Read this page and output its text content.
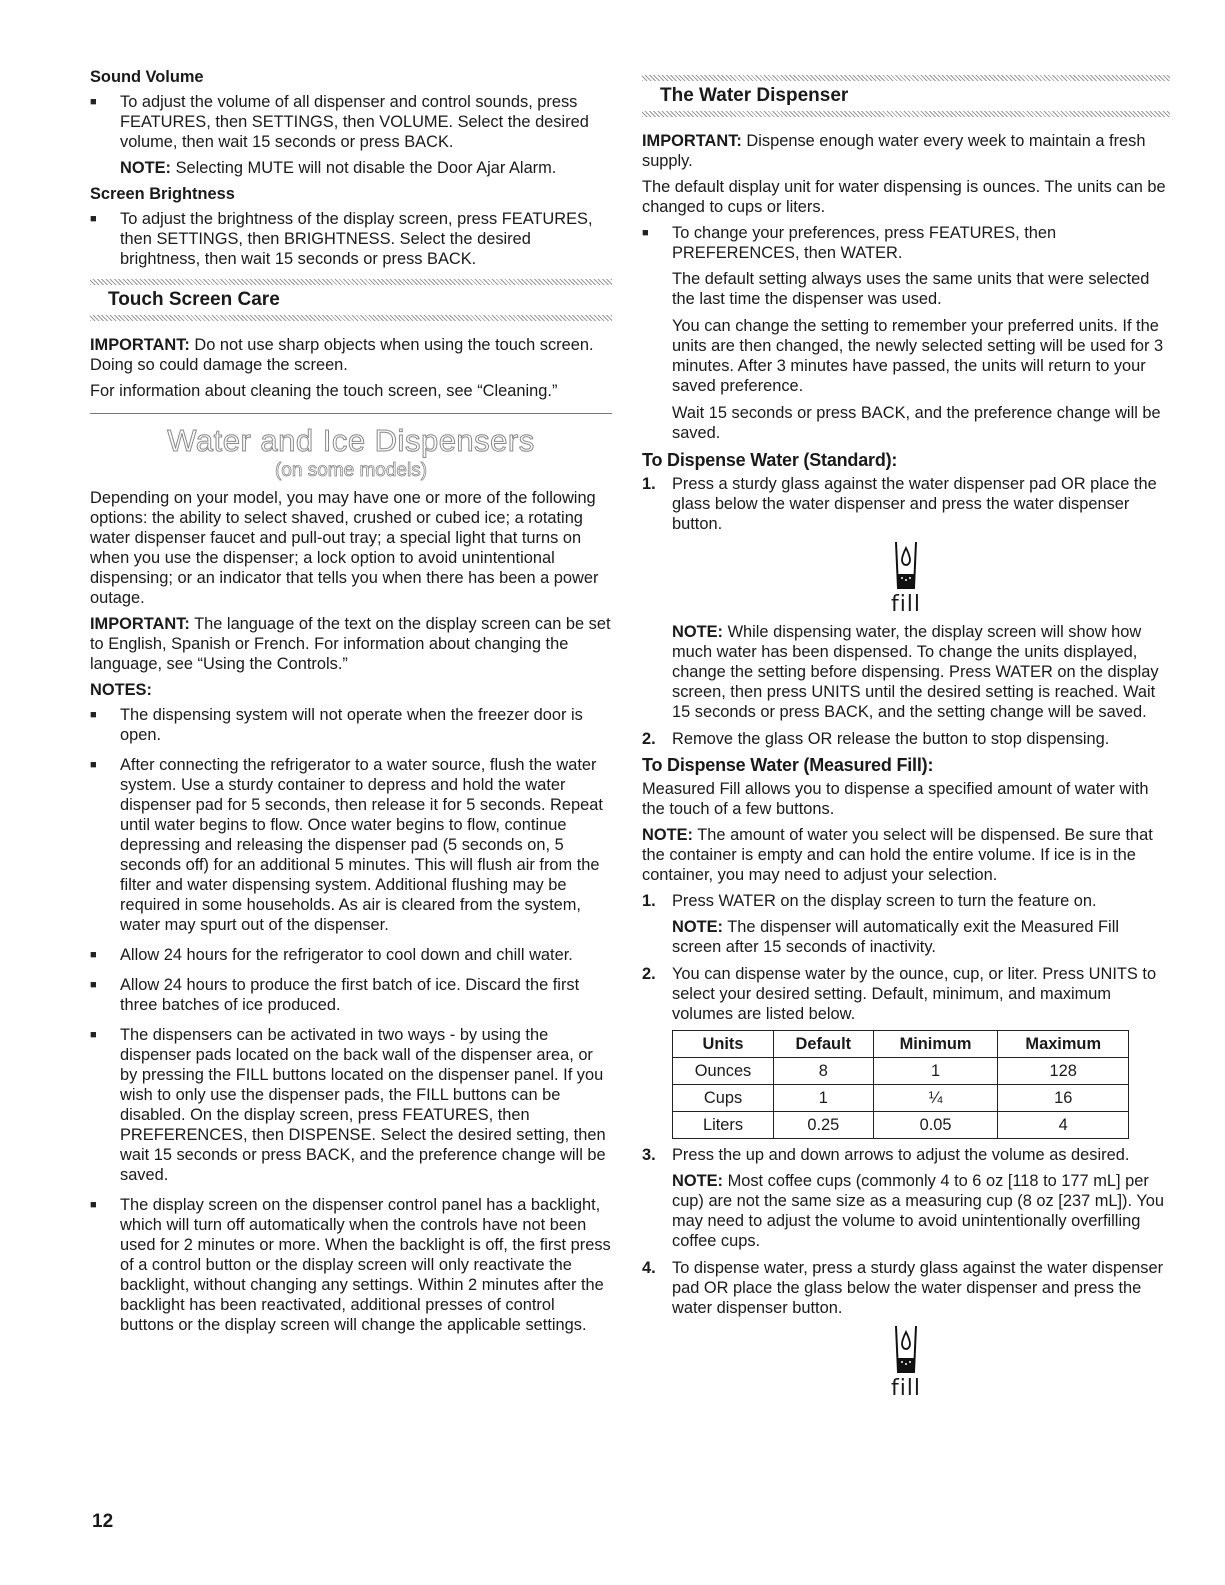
Sound Volume
■ To adjust the volume of all dispenser and control sounds, press FEATURES, then SETTINGS, then VOLUME. Select the desired volume, then wait 15 seconds or press BACK.

NOTE: Selecting MUTE will not disable the Door Ajar Alarm.

Screen Brightness
■ To adjust the brightness of the display screen, press FEATURES, then SETTINGS, then BRIGHTNESS. Select the desired brightness, then wait 15 seconds or press BACK.
Touch Screen Care

IMPORTANT: Do not use sharp objects when using the touch screen. Doing so could damage the screen.

For information about cleaning the touch screen, see “Cleaning.”

Water and Ice Dispensers
(on some models)

Depending on your model, you may have one or more of the following options: the ability to select shaved, crushed or cubed ice; a rotating water dispenser faucet and pull-out tray; a special light that turns on when you use the dispenser; a lock option to avoid unintentional dispensing; or an indicator that tells you when there has been a power outage.

IMPORTANT: The language of the text on the display screen can be set to English, Spanish or French. For information about changing the language, see “Using the Controls.”

NOTES:
■ The dispensing system will not operate when the freezer door is open.
■ After connecting the refrigerator to a water source, flush the water system. Use a sturdy container to depress and hold the water dispenser pad for 5 seconds, then release it for 5 seconds. Repeat until water begins to flow. Once water begins to flow, continue depressing and releasing the dispenser pad (5 seconds on, 5 seconds off) for an additional 5 minutes. This will flush air from the filter and water dispensing system. Additional flushing may be required in some households. As air is cleared from the system, water may spurt out of the dispenser.
■ Allow 24 hours for the refrigerator to cool down and chill water.
■ Allow 24 hours to produce the first batch of ice. Discard the first three batches of ice produced.
■ The dispensers can be activated in two ways - by using the dispenser pads located on the back wall of the dispenser area, or by pressing the FILL buttons located on the dispenser panel. If you wish to only use the dispenser pads, the FILL buttons can be disabled. On the display screen, press FEATURES, then PREFERENCES, then DISPENSE. Select the desired setting, then wait 15 seconds or press BACK, and the preference change will be saved.
■ The display screen on the dispenser control panel has a backlight, which will turn off automatically when the controls have not been used for 2 minutes or more. When the backlight is off, the first press of a control button or the display screen will only reactivate the backlight, without changing any settings. Within 2 minutes after the backlight has been reactivated, additional presses of control buttons or the display screen will change the applicable settings.
The Water Dispenser

IMPORTANT: Dispense enough water every week to maintain a fresh supply.

The default display unit for water dispensing is ounces. The units can be changed to cups or liters.

■ To change your preferences, press FEATURES, then PREFERENCES, then WATER.

The default setting always uses the same units that were selected the last time the dispenser was used.

You can change the setting to remember your preferred units. If the units are then changed, the newly selected setting will be used for 3 minutes. After 3 minutes have passed, the units will return to your saved preference.

Wait 15 seconds or press BACK, and the preference change will be saved.

To Dispense Water (Standard):
1. Press a sturdy glass against the water dispenser pad OR place the glass below the water dispenser and press the water dispenser button.
fill

NOTE: While dispensing water, the display screen will show how much water has been dispensed. To change the units displayed, change the setting before dispensing. Press WATER on the display screen, then press UNITS until the desired setting is reached. Wait 15 seconds or press BACK, and the setting change will be saved.

2. Remove the glass OR release the button to stop dispensing.
To Dispense Water (Measured Fill):

Measured Fill allows you to dispense a specified amount of water with the touch of a few buttons.

NOTE: The amount of water you select will be dispensed. Be sure that the container is empty and can hold the entire volume. If ice is in the container, you may need to adjust your selection.

1. Press WATER on the display screen to turn the feature on.

NOTE: The dispenser will automatically exit the Measured Fill screen after 15 seconds of inactivity.

2. You can dispense water by the ounce, cup, or liter. Press UNITS to select your desired setting. Default, minimum, and maximum volumes are listed below.
Units	Default	Minimum	Maximum
Ounces	8	1	128
Cups	1	¼	16
Liters	0.25	0.05	4
3. Press the up and down arrows to adjust the volume as desired.

NOTE: Most coffee cups (commonly 4 to 6 oz [118 to 177 mL] per cup) are not the same size as a measuring cup (8 oz [237 mL]). You may need to adjust the volume to avoid unintentionally overfilling coffee cups.

4. To dispense water, press a sturdy glass against the water dispenser pad OR place the glass below the water dispenser and press the water dispenser button.
fill
12
